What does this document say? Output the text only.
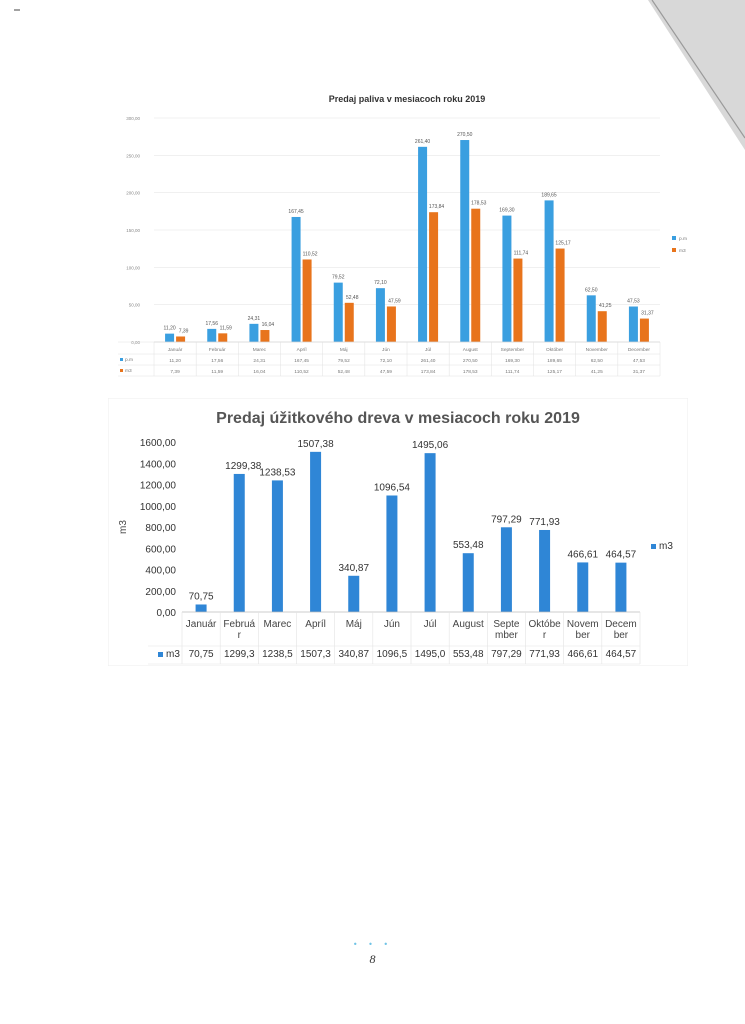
Predaj paliva v mesiacoch roku 2019
0,00
50,00
100,00
150,00
200,00
250,00
300,00
11,20 7,39
Január
11,20
7,39
17,56
11,59
Február
17,56
11,59
24,31
16,04
Marec
24,31
16,04
167,45
110,52
Apríl
167,45
110,52
79,52
52,48
Máj
79,52
52,48
72,10
47,59
Jún
72,10
47,59
261,40
173,84
Júl
261,40
173,84
270,50
178,53
August
270,50
178,53
169,30
111,74
September
169,30
111,74
189,65
125,17
Október
189,65
125,17
62,50
41,25
November
62,50
41,25
47,53
31,37
December
47,53
31,37
p.m
m3
p.m
m3
Predaj úžitkového dreva v mesiacoch roku 2019
0,00
200,00
400,00
600,00
800,00
1000,00
1200,00
1400,00
1600,00
m3
70,75
Január
70,75
1299,38
Februá
r
1299,3
1238,53
Marec
1238,5
1507,38
Apríl
1507,3
340,87
Máj
340,87
1096,54
Jún
1096,5
1495,06
Júl
1495,0
553,48
August
553,48
797,29
Septe
mber
797,29
771,93
Októbe
r
771,93
466,61
Novem
ber
466,61
464,57
Decem
ber
464,57
m3
m3
• • •
8
